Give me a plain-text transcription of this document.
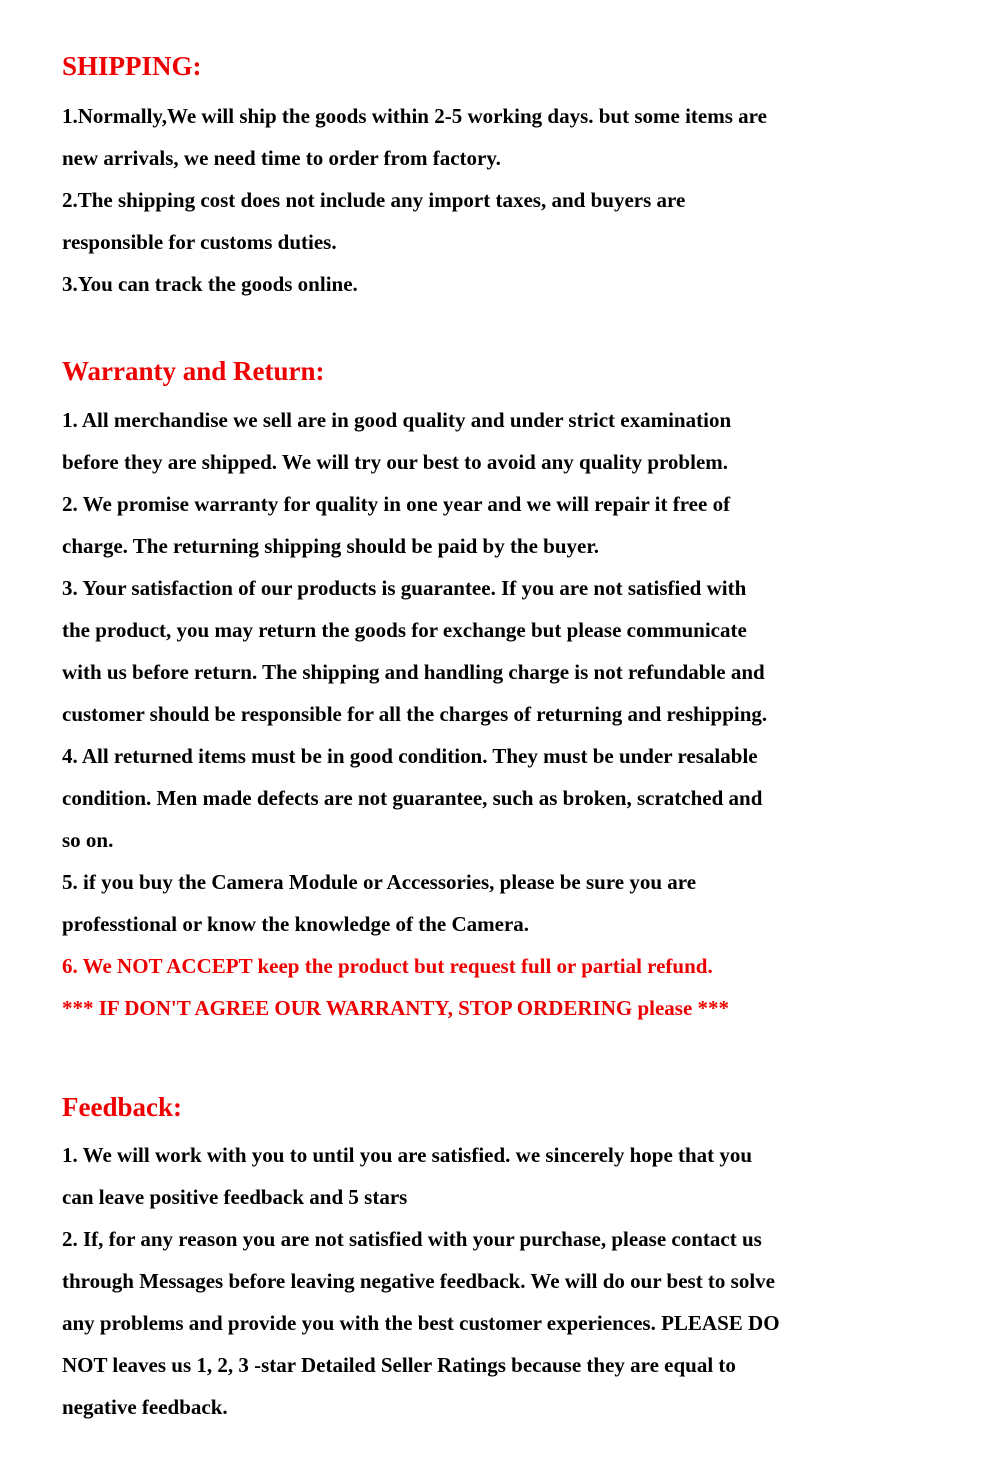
SHIPPING:
1.Normally,We will ship the goods within 2-5 working days. but some items are
new arrivals, we need time to order from factory.
2.The shipping cost does not include any import taxes, and buyers are
responsible for customs duties.
3.You can track the goods online.
Warranty and Return:
1. All merchandise we sell are in good quality and under strict examination
before they are shipped. We will try our best to avoid any quality problem.
2. We promise warranty for quality in one year and we will repair it free of
charge. The returning shipping should be paid by the buyer.
3. Your satisfaction of our products is guarantee. If you are not satisfied with
the product, you may return the goods for exchange but please communicate
with us before return. The shipping and handling charge is not refundable and
customer should be responsible for all the charges of returning and reshipping.
4. All returned items must be in good condition. They must be under resalable
condition. Men made defects are not guarantee, such as broken, scratched and
so on.
5. if you buy the Camera Module or Accessories, please be sure you are
professtional or know the knowledge of the Camera.
6. We NOT ACCEPT keep the product but request full or partial refund.
*** IF DON'T AGREE OUR WARRANTY, STOP ORDERING please ***
Feedback:
1. We will work with you to until you are satisfied. we sincerely hope that you
can leave positive feedback and 5 stars
2. If, for any reason you are not satisfied with your purchase, please contact us
through Messages before leaving negative feedback. We will do our best to solve
any problems and provide you with the best customer experiences. PLEASE DO
NOT leaves us 1, 2, 3 -star Detailed Seller Ratings because they are equal to
negative feedback.
